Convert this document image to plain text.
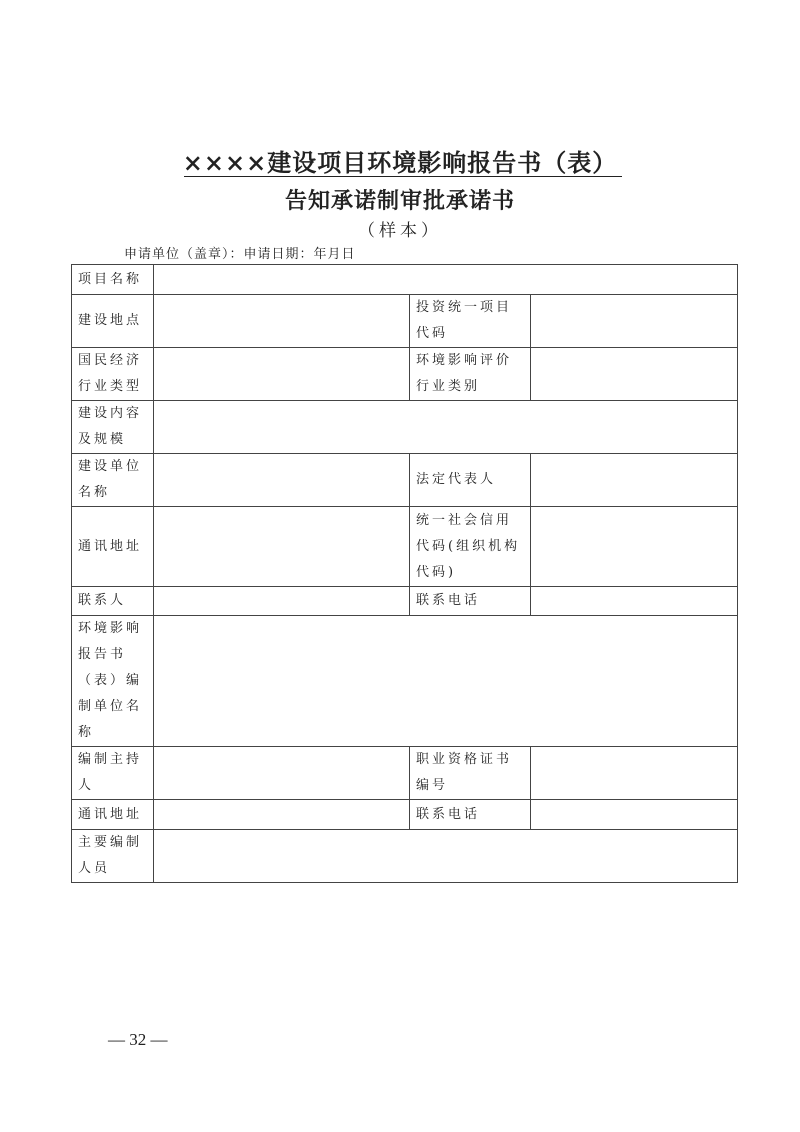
××××建设项目环境影响报告书（表）
告知承诺制审批承诺书
（样本）
申请单位（盖章）：申请日期：年月日
项目名称			
建设地点		投资统一项目代码	
国民经济行业类型		环境影响评价行业类别	
建设内容及规模			
建设单位名称		法定代表人	
通讯地址		统一社会信用代码(组织机构代码)	
联系人		联系电话	
环境影响报告书（表）编制单位名称			
编制主持人		职业资格证书编号	
通讯地址		联系电话	
主要编制人员			
— 32 —
